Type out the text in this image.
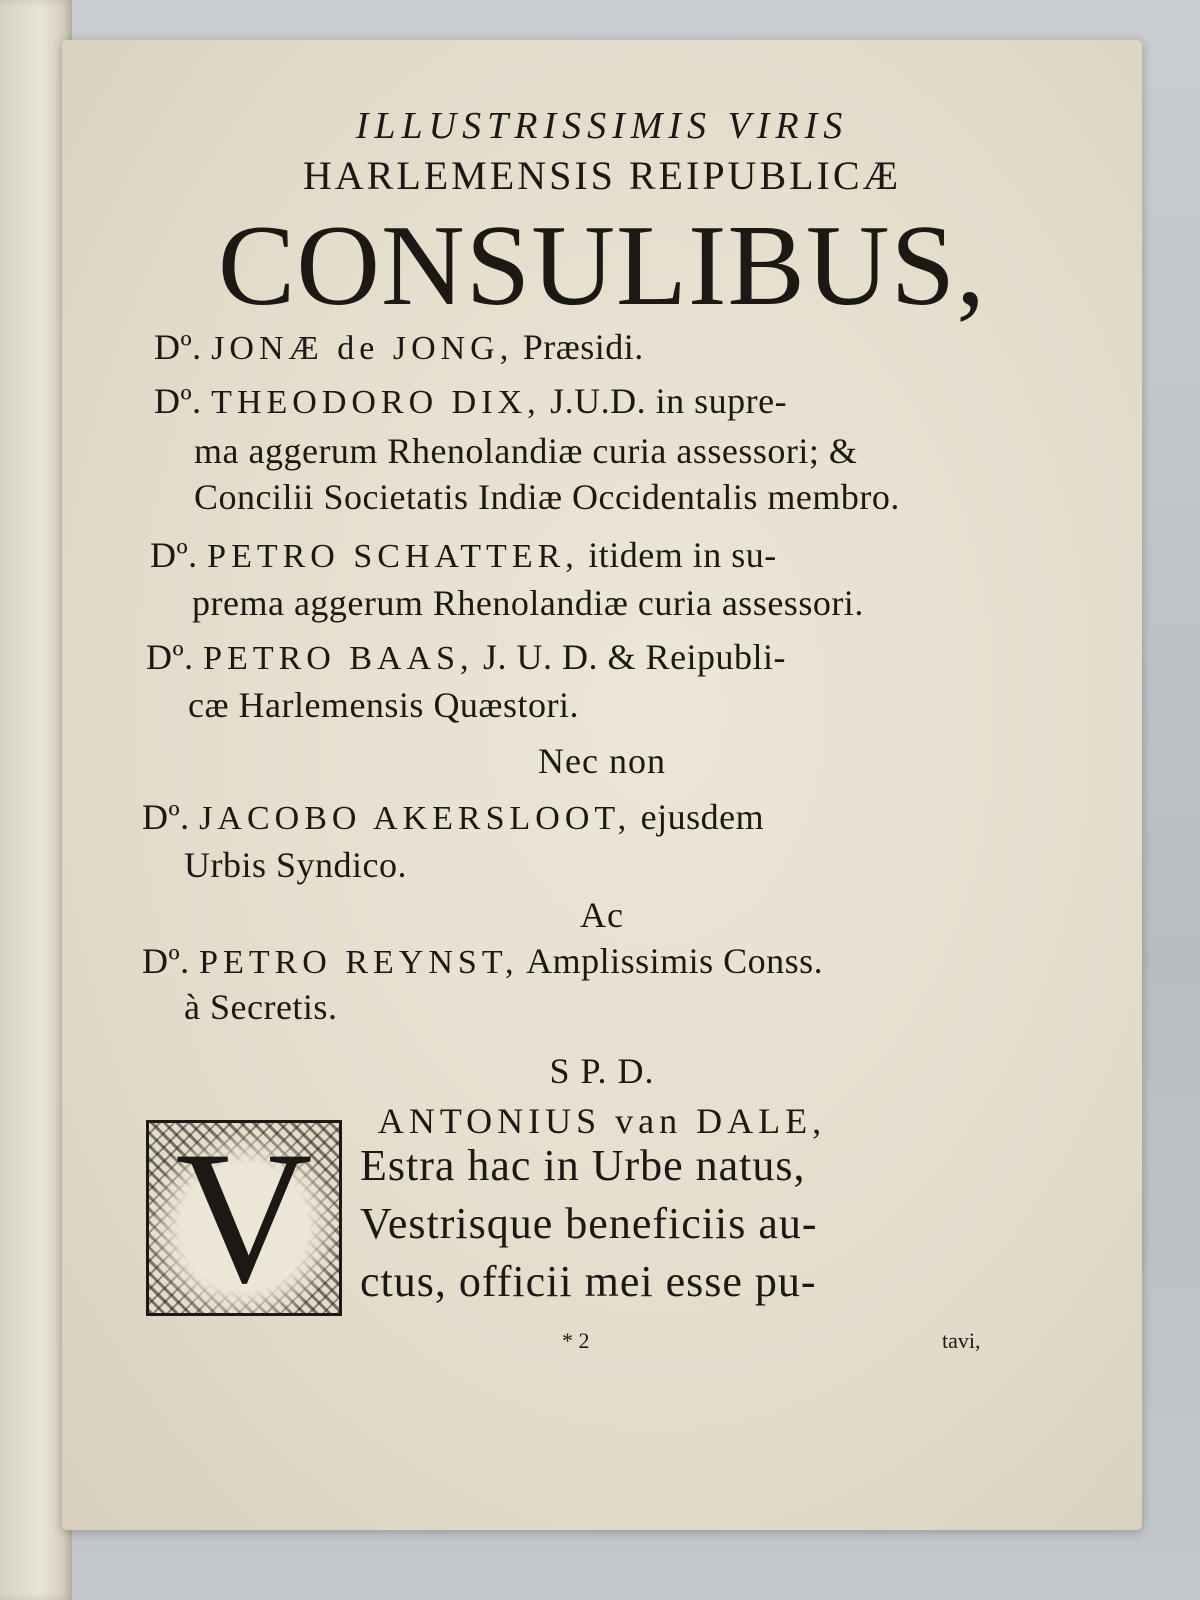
ILLUSTRISSIMIS VIRIS
HARLEMENSIS REIPUBLICÆ
CONSULIBUS,
Dº. JONÆ de JONG, Præsidi.
Dº. THEODORO DIX, J.U.D. in supre-
ma aggerum Rhenolandiæ curia assessori; &
Concilii Societatis Indiæ Occidentalis membro.
Dº. PETRO SCHATTER, itidem in su-
prema aggerum Rhenolandiæ curia assessori.
Dº. PETRO BAAS, J. U. D. & Reipubli-
cæ Harlemensis Quæstori.
Nec non
Dº. JACOBO AKERSLOOT, ejusdem
Urbis Syndico.
Ac
Dº. PETRO REYNST, Amplissimis Conss.
à Secretis.
S P. D.
ANTONIUS van DALE,
V	Estra hac in Urbe natus,
Vestrisque beneficiis au-
ctus, officii mei esse pu-
* 2	tavi,
